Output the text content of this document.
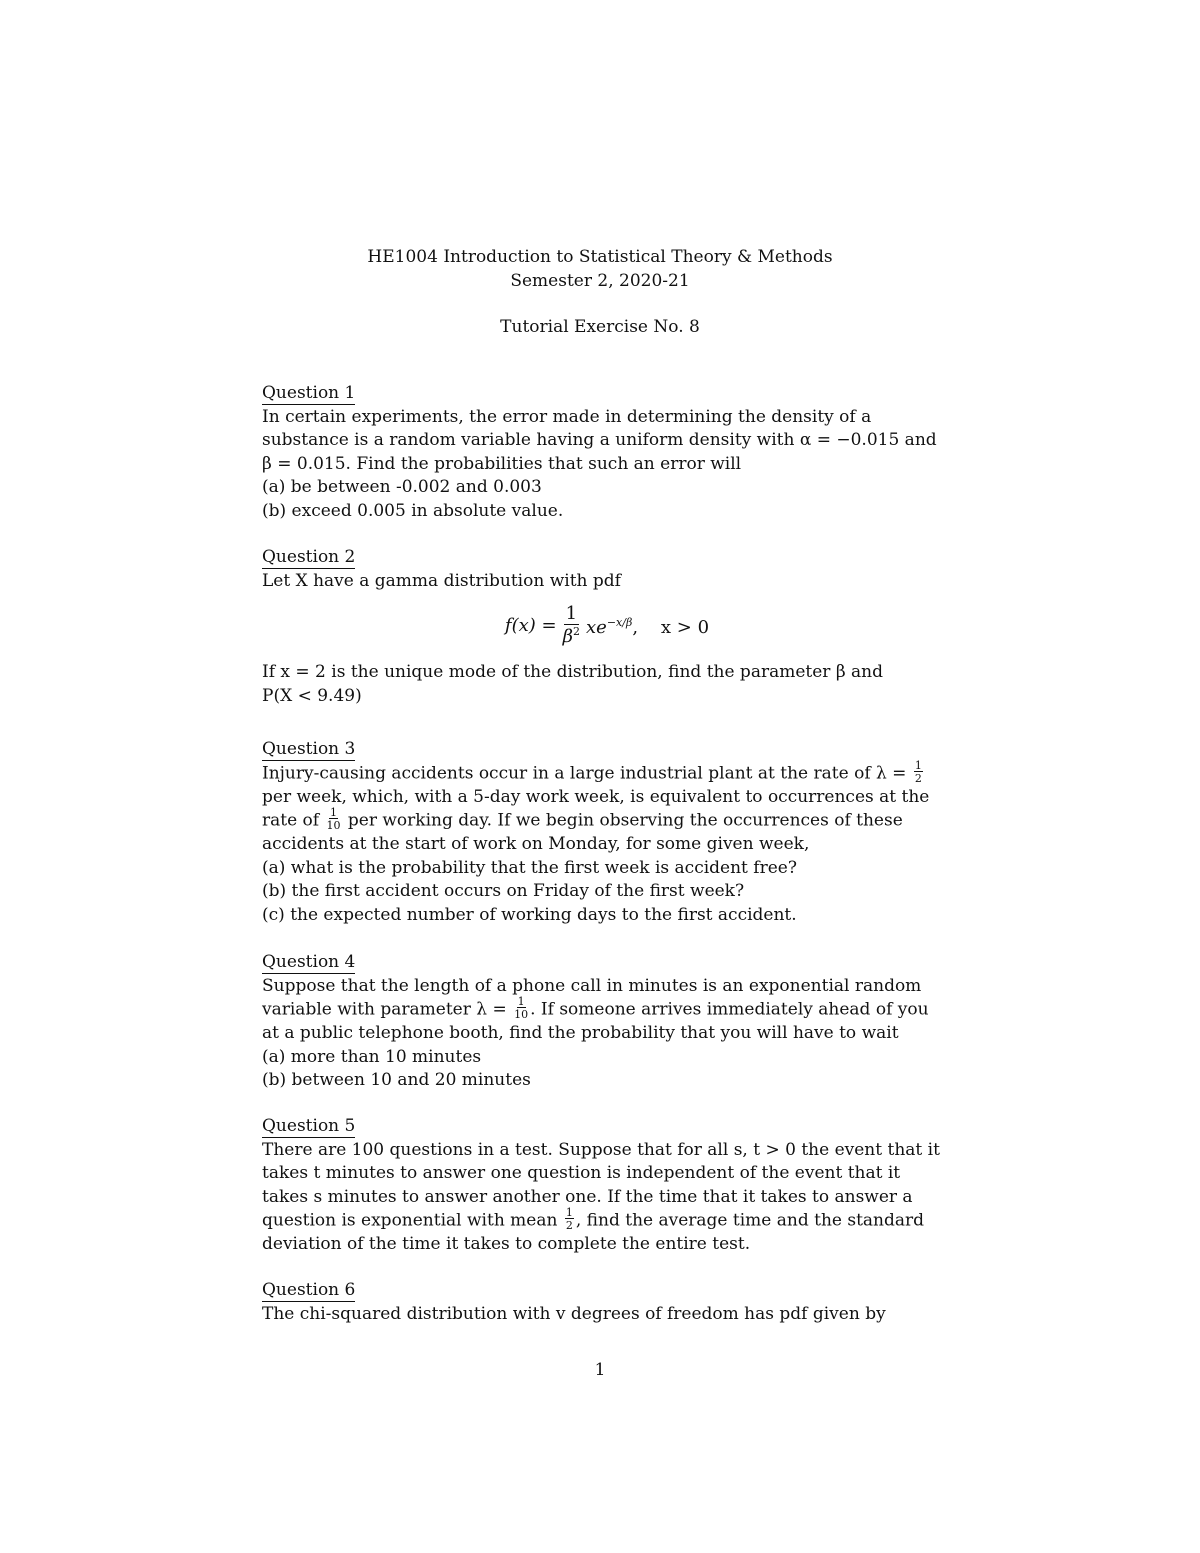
HE1004 Introduction to Statistical Theory & Methods
Semester 2, 2020-21
Tutorial Exercise No. 8
Question 1
In certain experiments, the error made in determining the density of a
substance is a random variable having a uniform density with α = −0.015 and
β = 0.015. Find the probabilities that such an error will
(a) be between -0.002 and 0.003
(b) exceed 0.005 in absolute value.
Question 2
Let X have a gamma distribution with pdf
$f(x) = \frac{1}{\beta^2} xe^{-x/\beta}$,    x > 0
If x = 2 is the unique mode of the distribution, find the parameter β and
P(X < 9.49)
Question 3
Injury-causing accidents occur in a large industrial plant at the rate of $\lambda = \frac{1}{2}$
per week, which, with a 5-day work week, is equivalent to occurrences at the
rate of $\frac{1}{10}$ per working day. If we begin observing the occurrences of these
accidents at the start of work on Monday, for some given week,
(a) what is the probability that the first week is accident free?
(b) the first accident occurs on Friday of the first week?
(c) the expected number of working days to the first accident.
Question 4
Suppose that the length of a phone call in minutes is an exponential random
variable with parameter $\lambda = \frac{1}{10}$ . If someone arrives immediately ahead of you
at a public telephone booth, find the probability that you will have to wait
(a) more than 10 minutes
(b) between 10 and 20 minutes
Question 5
There are 100 questions in a test. Suppose that for all s, t > 0 the event that it
takes t minutes to answer one question is independent of the event that it
takes s minutes to answer another one. If the time that it takes to answer a
question is exponential with mean $\frac{1}{2}$ , find the average time and the standard
deviation of the time it takes to complete the entire test.
Question 6
The chi-squared distribution with v degrees of freedom has pdf given by
1
